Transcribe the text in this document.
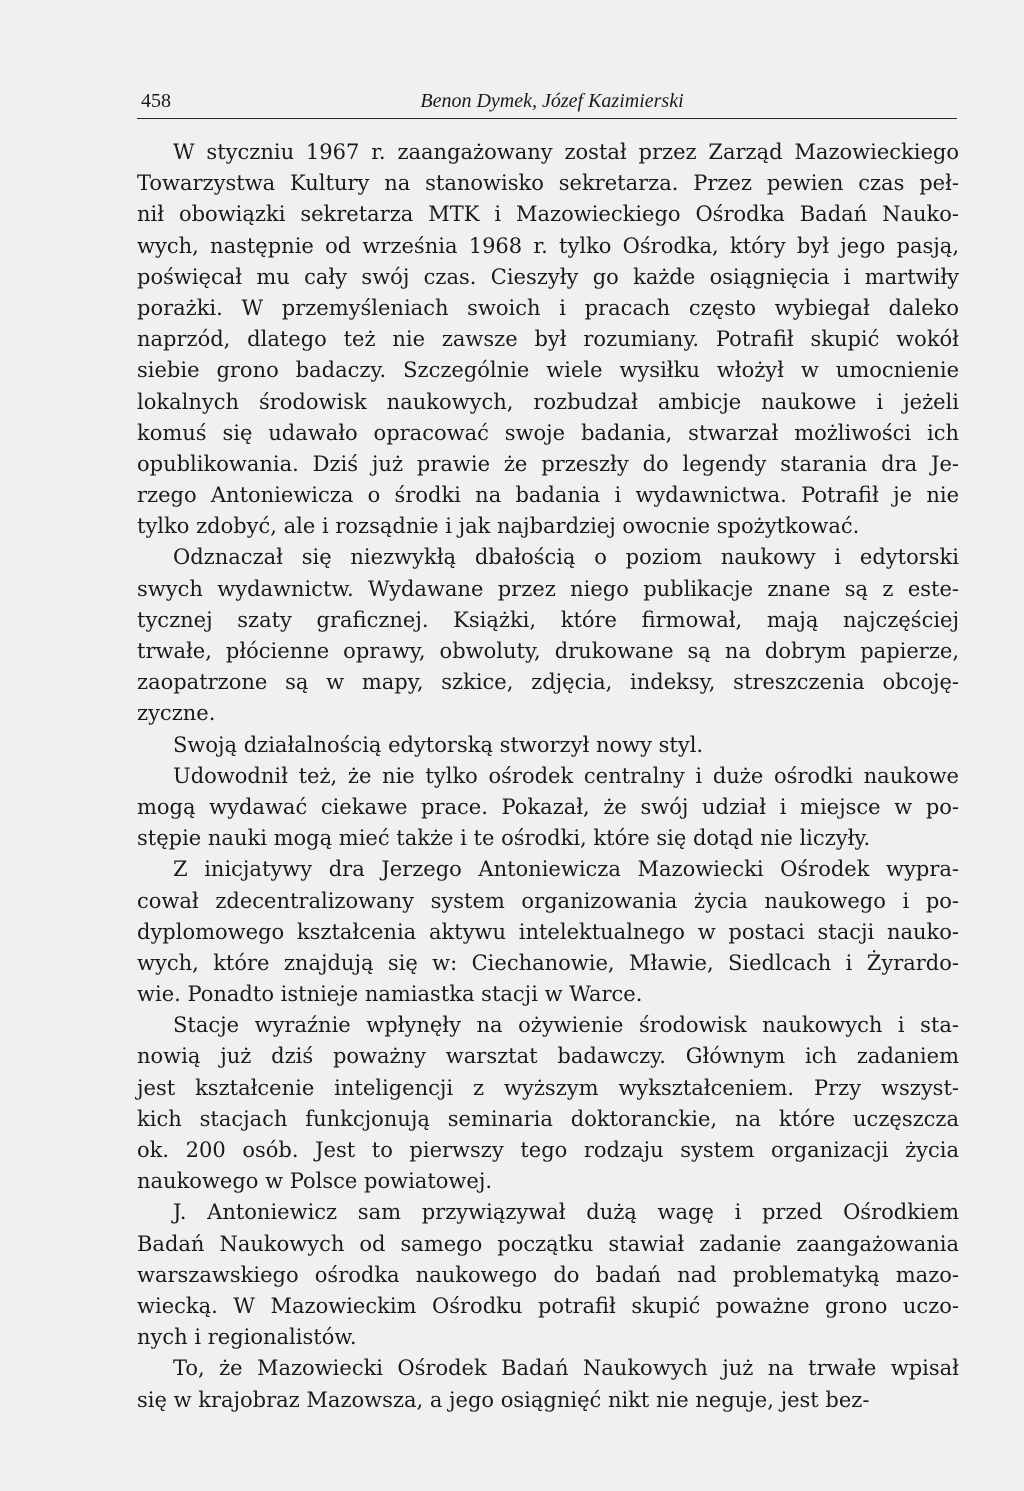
458	Benon Dymek, Józef Kazimierski
W styczniu 1967 r. zaangażowany został przez Zarząd Mazowieckiego
Towarzystwa Kultury na stanowisko sekretarza. Przez pewien czas peł-
nił obowiązki sekretarza MTK i Mazowieckiego Ośrodka Badań Nauko-
wych, następnie od września 1968 r. tylko Ośrodka, który był jego pasją,
poświęcał mu cały swój czas. Cieszyły go każde osiągnięcia i martwiły
porażki. W przemyśleniach swoich i pracach często wybiegał daleko
naprzód, dlatego też nie zawsze był rozumiany. Potrafił skupić wokół
siebie grono badaczy. Szczególnie wiele wysiłku włożył w umocnienie
lokalnych środowisk naukowych, rozbudzał ambicje naukowe i jeżeli
komuś się udawało opracować swoje badania, stwarzał możliwości ich
opublikowania. Dziś już prawie że przeszły do legendy starania dra Je-
rzego Antoniewicza o środki na badania i wydawnictwa. Potrafił je nie
tylko zdobyć, ale i rozsądnie i jak najbardziej owocnie spożytkować.
Odznaczał się niezwykłą dbałością o poziom naukowy i edytorski
swych wydawnictw. Wydawane przez niego publikacje znane są z este-
tycznej szaty graficznej. Książki, które firmował, mają najczęściej
trwałe, płócienne oprawy, obwoluty, drukowane są na dobrym papierze,
zaopatrzone są w mapy, szkice, zdjęcia, indeksy, streszczenia obcoję-
zyczne.
Swoją działalnością edytorską stworzył nowy styl.
Udowodnił też, że nie tylko ośrodek centralny i duże ośrodki naukowe
mogą wydawać ciekawe prace. Pokazał, że swój udział i miejsce w po-
stępie nauki mogą mieć także i te ośrodki, które się dotąd nie liczyły.
Z inicjatywy dra Jerzego Antoniewicza Mazowiecki Ośrodek wypra-
cował zdecentralizowany system organizowania życia naukowego i po-
dyplomowego kształcenia aktywu intelektualnego w postaci stacji nauko-
wych, które znajdują się w: Ciechanowie, Mławie, Siedlcach i Żyrardo-
wie. Ponadto istnieje namiastka stacji w Warce.
Stacje wyraźnie wpłynęły na ożywienie środowisk naukowych i sta-
nowią już dziś poważny warsztat badawczy. Głównym ich zadaniem
jest kształcenie inteligencji z wyższym wykształceniem. Przy wszyst-
kich stacjach funkcjonują seminaria doktoranckie, na które uczęszcza
ok. 200 osób. Jest to pierwszy tego rodzaju system organizacji życia
naukowego w Polsce powiatowej.
J. Antoniewicz sam przywiązywał dużą wagę i przed Ośrodkiem
Badań Naukowych od samego początku stawiał zadanie zaangażowania
warszawskiego ośrodka naukowego do badań nad problematyką mazo-
wiecką. W Mazowieckim Ośrodku potrafił skupić poważne grono uczo-
nych i regionalistów.
To, że Mazowiecki Ośrodek Badań Naukowych już na trwałe wpisał
się w krajobraz Mazowsza, a jego osiągnięć nikt nie neguje, jest bez-
